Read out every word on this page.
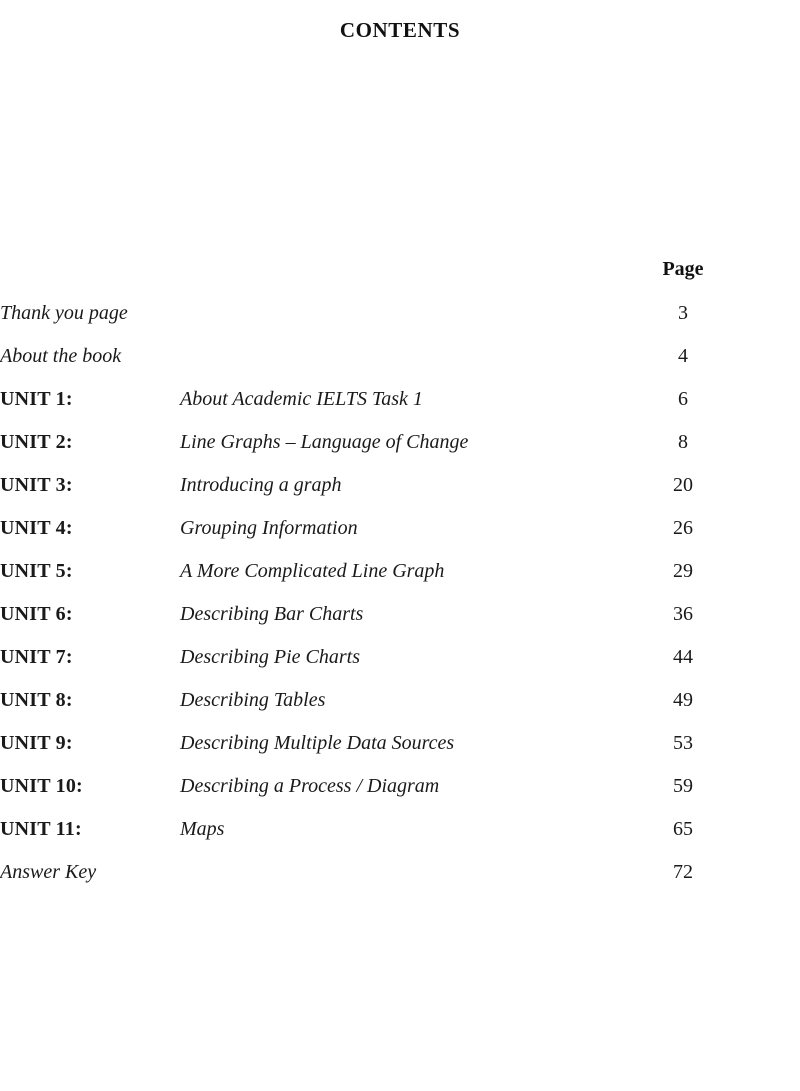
CONTENTS
		Page	
Thank you page		3	
About the book		4	
UNIT 1:	About Academic IELTS Task 1	6	
UNIT 2:	Line Graphs – Language of Change	8	
UNIT 3:	Introducing a graph	20	
UNIT 4:	Grouping Information	26	
UNIT 5:	A More Complicated Line Graph	29	
UNIT 6:	Describing Bar Charts	36	
UNIT 7:	Describing Pie Charts	44	
UNIT 8:	Describing Tables	49	
UNIT 9:	Describing Multiple Data Sources	53	
UNIT 10:	Describing a Process / Diagram	59	
UNIT 11:	Maps	65	
Answer Key		72	
